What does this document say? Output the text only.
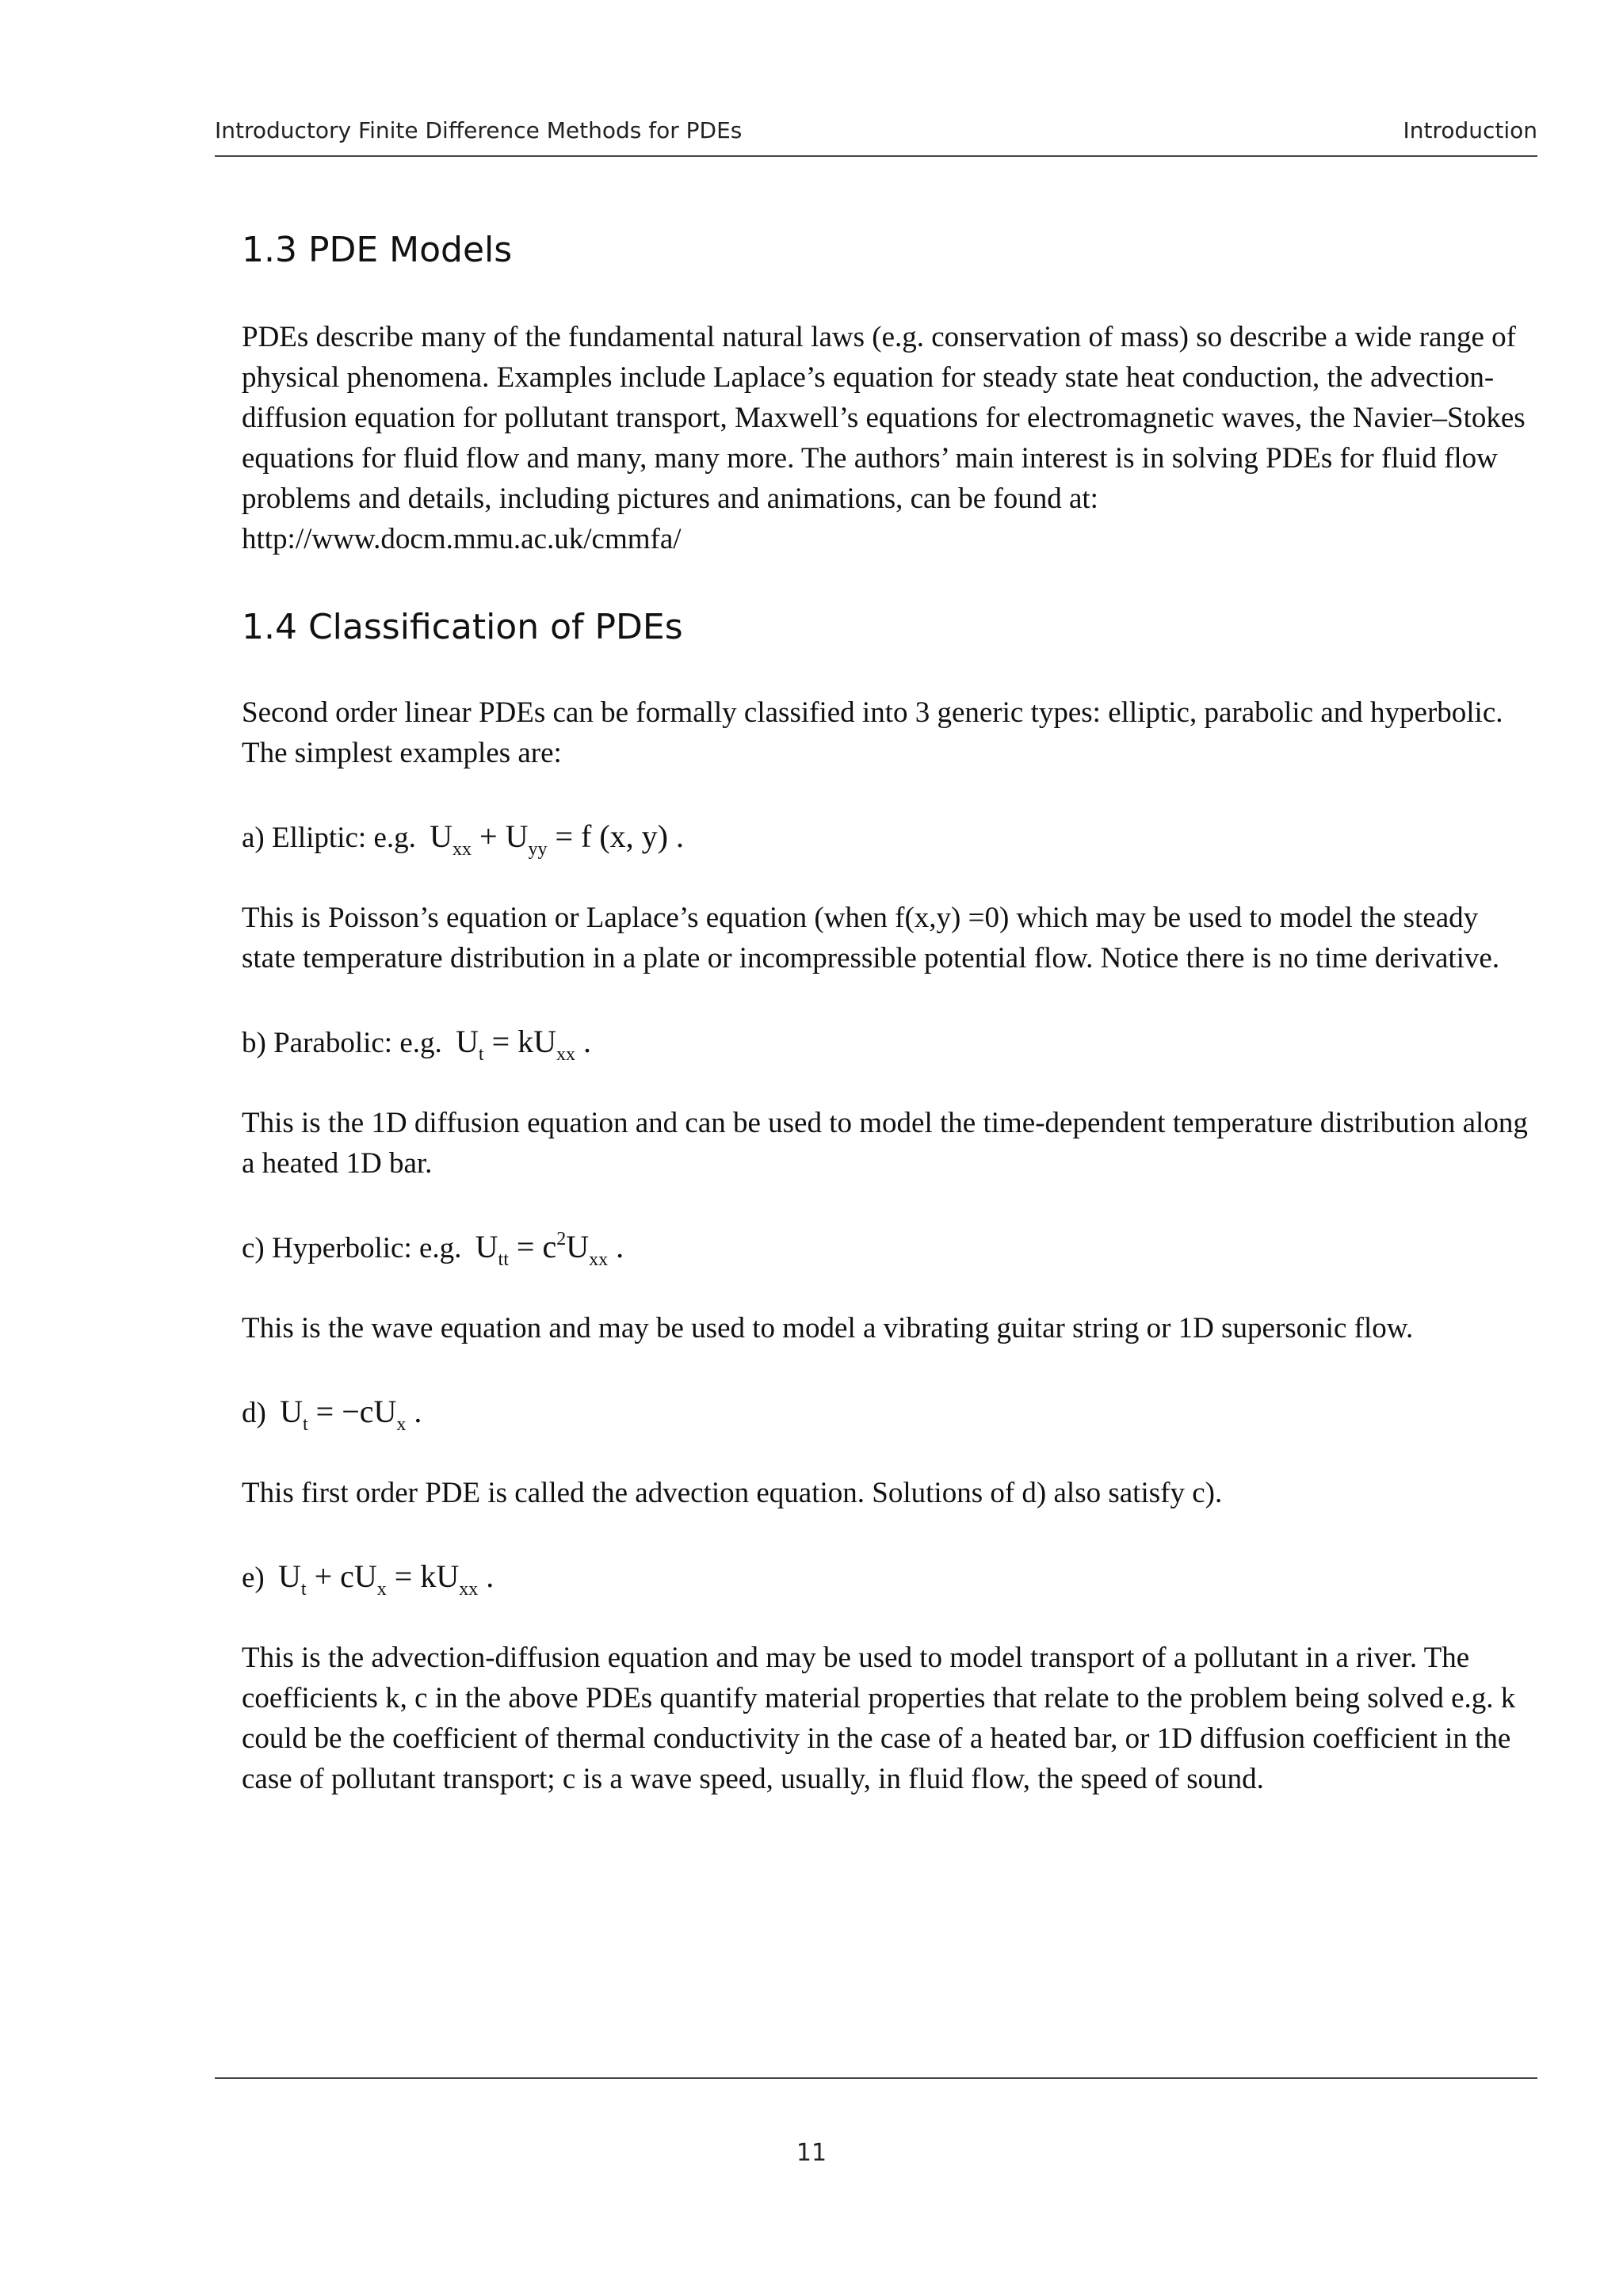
Introductory Finite Difference Methods for PDEs	Introduction
1.3 PDE Models

PDEs describe many of the fundamental natural laws (e.g. conservation of mass) so describe a wide range of physical phenomena. Examples include Laplace’s equation for steady state heat conduction, the advection-diffusion equation for pollutant transport, Maxwell’s equations for electromagnetic waves, the Navier–Stokes equations for fluid flow and many, many more. The authors’ main interest is in solving PDEs for fluid flow problems and details, including pictures and animations, can be found at: http://www.docm.mmu.ac.uk/cmmfa/

1.4 Classification of PDEs

Second order linear PDEs can be formally classified into 3 generic types: elliptic, parabolic and hyperbolic. The simplest examples are:

a) Elliptic: e.g. $U_{xx} + U_{yy} = f$ (x, y) .

This is Poisson’s equation or Laplace’s equation (when f(x,y) =0) which may be used to model the steady state temperature distribution in a plate or incompressible potential flow. Notice there is no time derivative.

b) Parabolic: e.g. $U_t = kU_{xx}$ .

This is the 1D diffusion equation and can be used to model the time-dependent temperature distribution along a heated 1D bar.

c) Hyperbolic: e.g. $U_{tt} = c^2U_{xx}$ .

This is the wave equation and may be used to model a vibrating guitar string or 1D supersonic flow.

d) $U_t = -cU_x$ .

This first order PDE is called the advection equation. Solutions of d) also satisfy c).

e) $U_t + cU_x = kU_{xx}$ .

This is the advection-diffusion equation and may be used to model transport of a pollutant in a river. The coefficients k, c in the above PDEs quantify material properties that relate to the problem being solved e.g. k could be the coefficient of thermal conductivity in the case of a heated bar, or 1D diffusion coefficient in the case of pollutant transport; c is a wave speed, usually, in fluid flow, the speed of sound.

11
